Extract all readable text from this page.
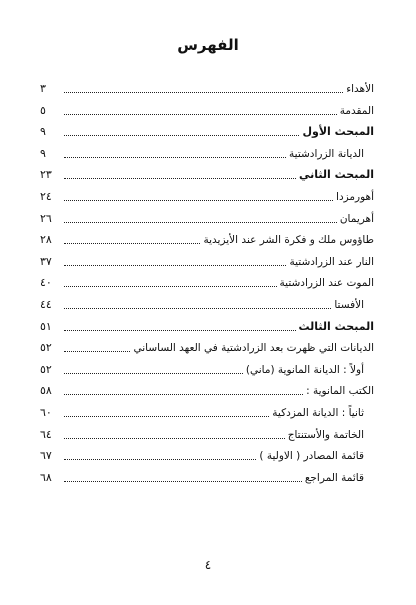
الفهرس
الأهداء
٣
المقدمة
٥
المبحث الأول
٩
الديانة الزرادشتية
٩
المبحث الثاني
٢٣
أهورمزدا
٢٤
أهريمان
٢٦
طاؤوس ملك و فكرة الشر عند الأيزيدية
٢٨
النار عند الزرادشتية
٣٧
الموت عند الزرادشتية
٤٠
الأفستا
٤٤
المبحث الثالث
٥١
الديانات التي ظهرت بعد الزرادشتية في العهد الساساني
٥٢
أولاً : الديانة المانوية (ماني)
٥٢
الكتب المانوية :
٥٨
ثانياً : الديانة المزدكية
٦٠
الخاتمة والأستنتاج
٦٤
قائمة المصادر ( الاولية )
٦٧
قائمة المراجع
٦٨
٤
